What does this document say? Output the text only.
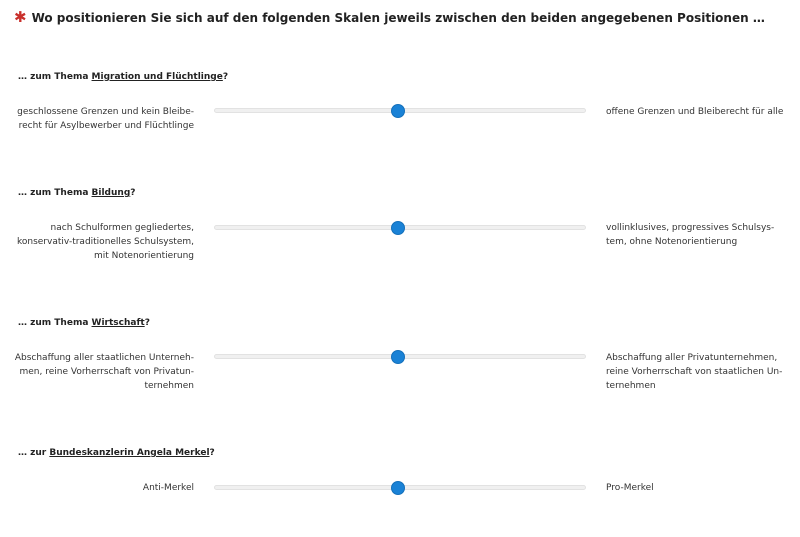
✱ Wo positionieren Sie sich auf den folgenden Skalen jeweils zwischen den beiden angegebenen Positionen …
… zum Thema Migration und Flüchtlinge?
geschlossene Grenzen und kein Bleibe-recht für Asylbewerber und Flüchtlinge
offene Grenzen und Bleiberecht für alle
… zum Thema Bildung?
nach Schulformen gegliedertes, konservativ-traditionelles Schulsystem, mit Notenorientierung
vollinklusives, progressives Schulsys-tem, ohne Notenorientierung
… zum Thema Wirtschaft?
Abschaffung aller staatlichen Unterneh-men, reine Vorherrschaft von Privatun-ternehmen
Abschaffung aller Privatunternehmen, reine Vorherrschaft von staatlichen Un-ternehmen
… zur Bundeskanzlerin Angela Merkel?
Anti-Merkel	Pro-Merkel
